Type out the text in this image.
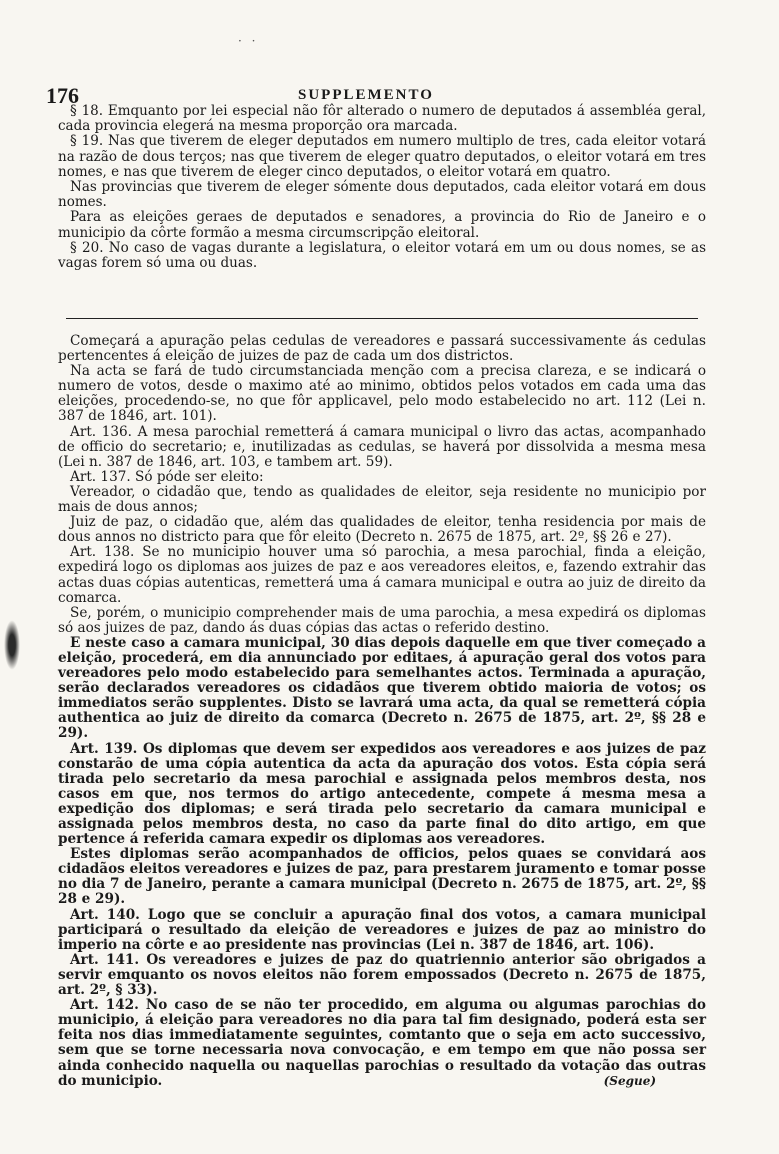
· ·
176	SUPPLEMENTO

§ 18. Emquanto por lei especial não fôr alterado o numero de deputados á assembléa geral, cada provincia elegerá na mesma proporção ora marcada.

§ 19. Nas que tiverem de eleger deputados em numero multiplo de tres, cada eleitor votará na razão de dous terços; nas que tiverem de eleger quatro deputados, o eleitor votará em tres nomes, e nas que tiverem de eleger cinco deputados, o eleitor votará em quatro.

Nas provincias que tiverem de eleger sómente dous deputados, cada eleitor votará em dous nomes.

Para as eleições geraes de deputados e senadores, a provincia do Rio de Janeiro e o municipio da côrte formão a mesma circumscripção eleitoral.

§ 20. No caso de vagas durante a legislatura, o eleitor votará em um ou dous nomes, se as vagas forem só uma ou duas.

Começará a apuração pelas cedulas de vereadores e passará successivamente ás cedulas pertencentes á eleição de juizes de paz de cada um dos districtos.

Na acta se fará de tudo circumstanciada menção com a precisa clareza, e se indicará o numero de votos, desde o maximo até ao minimo, obtidos pelos votados em cada uma das eleições, procedendo-se, no que fôr applicavel, pelo modo estabelecido no art. 112 (Lei n. 387 de 1846, art. 101).

Art. 136. A mesa parochial remetterá á camara municipal o livro das actas, acompanhado de officio do secretario; e, inutilizadas as cedulas, se haverá por dissolvida a mesma mesa (Lei n. 387 de 1846, art. 103, e tambem art. 59).

Art. 137. Só póde ser eleito:

Vereador, o cidadão que, tendo as qualidades de eleitor, seja residente no municipio por mais de dous annos;

Juiz de paz, o cidadão que, além das qualidades de eleitor, tenha residencia por mais de dous annos no districto para que fôr eleito (Decreto n. 2675 de 1875, art. 2º, §§ 26 e 27).

Art. 138. Se no municipio houver uma só parochia, a mesa parochial, finda a eleição, expedirá logo os diplomas aos juizes de paz e aos vereadores eleitos, e, fazendo extrahir das actas duas cópias autenticas, remetterá uma á camara municipal e outra ao juiz de direito da comarca.

Se, porém, o municipio comprehender mais de uma parochia, a mesa expedirá os diplomas só aos juizes de paz, dando ás duas cópias das actas o referido destino.

E neste caso a camara municipal, 30 dias depois daquelle em que tiver começado a eleição, procederá, em dia annunciado por editaes, á apuração geral dos votos para vereadores pelo modo estabelecido para semelhantes actos. Terminada a apuração, serão declarados vereadores os cidadãos que tiverem obtido maioria de votos; os immediatos serão supplentes. Disto se lavrará uma acta, da qual se remetterá cópia authentica ao juiz de direito da comarca (Decreto n. 2675 de 1875, art. 2º, §§ 28 e 29).

Art. 139. Os diplomas que devem ser expedidos aos vereadores e aos juizes de paz constarão de uma cópia autentica da acta da apuração dos votos. Esta cópia será tirada pelo secretario da mesa parochial e assignada pelos membros desta, nos casos em que, nos termos do artigo antecedente, compete á mesma mesa a expedição dos diplomas; e será tirada pelo secretario da camara municipal e assignada pelos membros desta, no caso da parte final do dito artigo, em que pertence á referida camara expedir os diplomas aos vereadores.

Estes diplomas serão acompanhados de officios, pelos quaes se convidará aos cidadãos eleitos vereadores e juizes de paz, para prestarem juramento e tomar posse no dia 7 de Janeiro, perante a camara municipal (Decreto n. 2675 de 1875, art. 2º, §§ 28 e 29).

Art. 140. Logo que se concluir a apuração final dos votos, a camara municipal participará o resultado da eleição de vereadores e juizes de paz ao ministro do imperio na côrte e ao presidente nas provincias (Lei n. 387 de 1846, art. 106).

Art. 141. Os vereadores e juizes de paz do quatriennio anterior são obrigados a servir emquanto os novos eleitos não forem empossados (Decreto n. 2675 de 1875, art. 2º, § 33).

Art. 142. No caso de se não ter procedido, em alguma ou algumas parochias do municipio, á eleição para vereadores no dia para tal fim designado, poderá esta ser feita nos dias immediatamente seguintes, comtanto que o seja em acto successivo, sem que se torne necessaria nova convocação, e em tempo em que não possa ser ainda conhecido naquella ou naquellas parochias o resultado da votação das outras do municipio.	(Segue)
